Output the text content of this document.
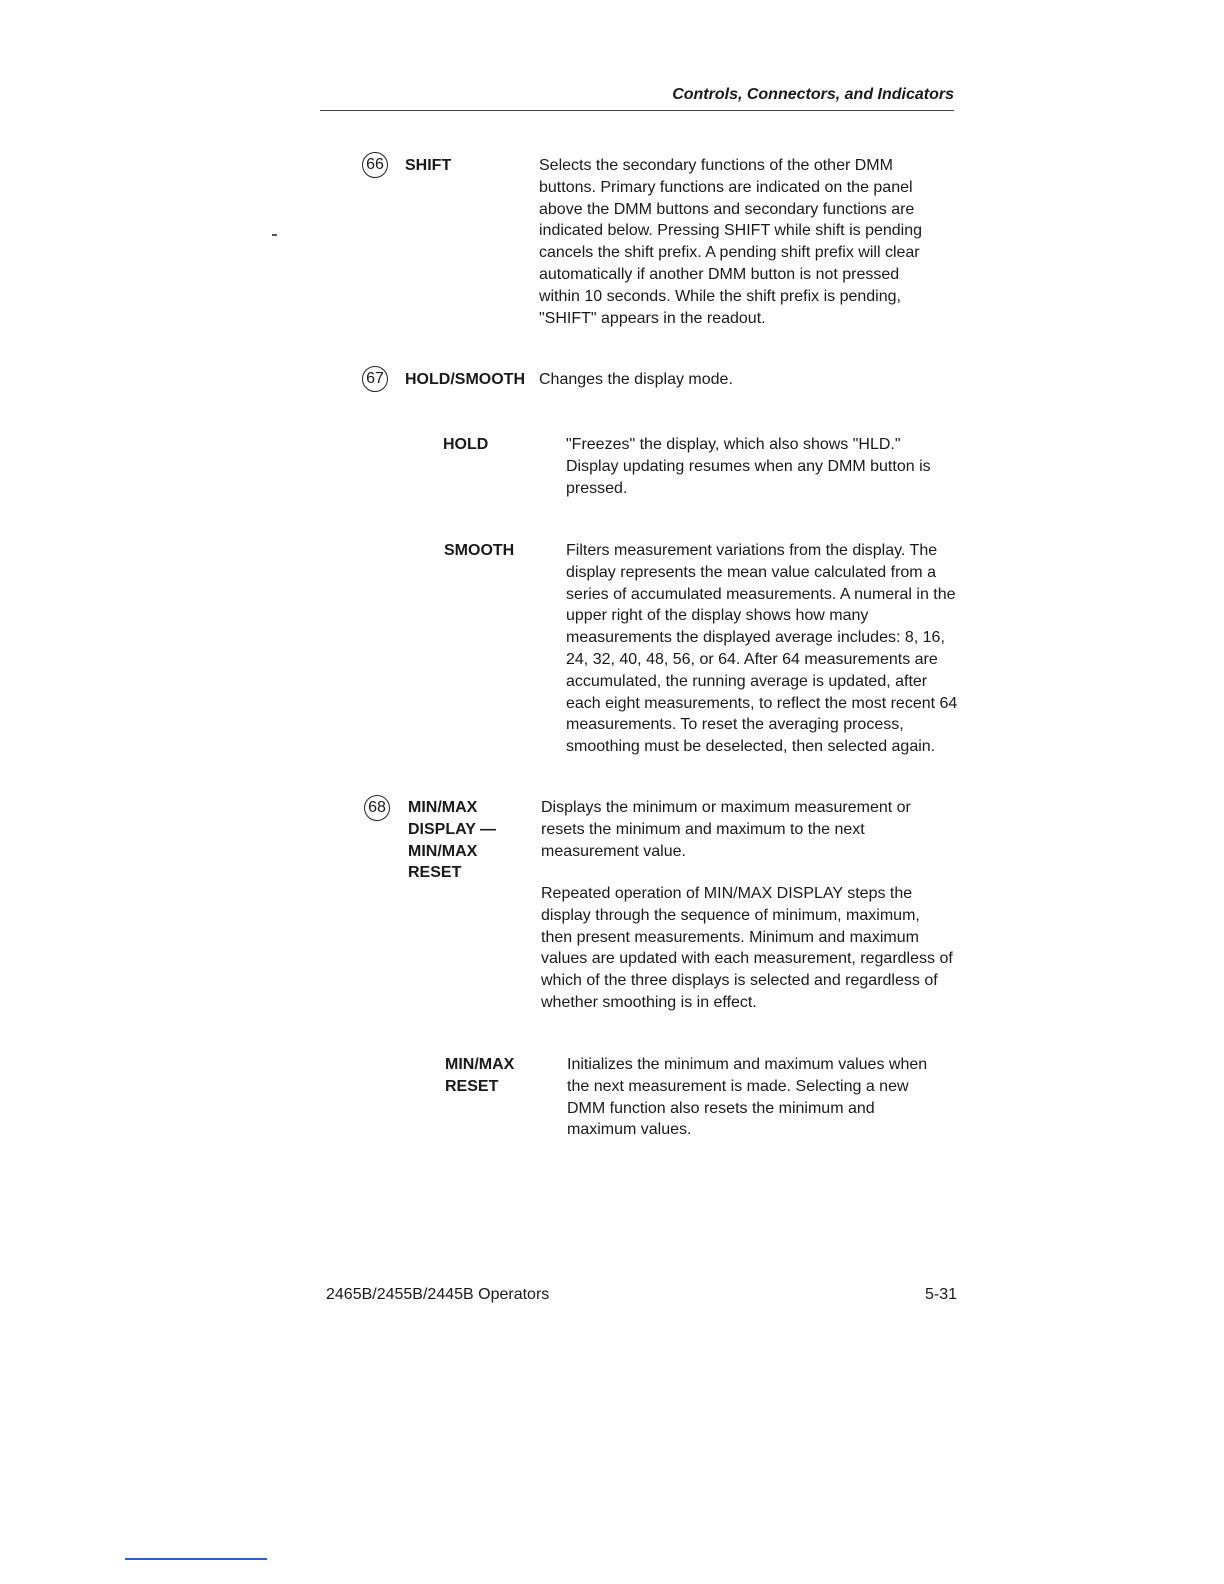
Controls, Connectors, and Indicators
66 SHIFT	Selects the secondary functions of the other DMM buttons. Primary functions are indicated on the panel above the DMM buttons and secondary functions are indicated below. Pressing SHIFT while shift is pending cancels the shift prefix. A pending shift prefix will clear automatically if another DMM button is not pressed within 10 seconds. While the shift prefix is pending, "SHIFT" appears in the readout.

67 HOLD/SMOOTH Changes the display mode.

HOLD	"Freezes" the display, which also shows "HLD." Display updating resumes when any DMM button is pressed.

SMOOTH	Filters measurement variations from the display. The display represents the mean value calculated from a series of accumulated measurements. A numeral in the upper right of the display shows how many measurements the displayed average includes: 8, 16, 24, 32, 40, 48, 56, or 64. After 64 measurements are accumulated, the running average is updated, after each eight measurements, to reflect the most recent 64 measurements. To reset the averaging process, smoothing must be deselected, then selected again.

68 MIN/MAX
DISPLAY —
MIN/MAX
RESET

Displays the minimum or maximum measurement or resets the minimum and maximum to the next measurement value.

Repeated operation of MIN/MAX DISPLAY steps the display through the sequence of minimum, maximum, then present measurements. Minimum and maximum values are updated with each measurement, regardless of which of the three displays is selected and regardless of whether smoothing is in effect.

MIN/MAX
RESET

Initializes the minimum and maximum values when the next measurement is made. Selecting a new DMM function also resets the minimum and maximum values.

2465B/2455B/2445B Operators	5-31
